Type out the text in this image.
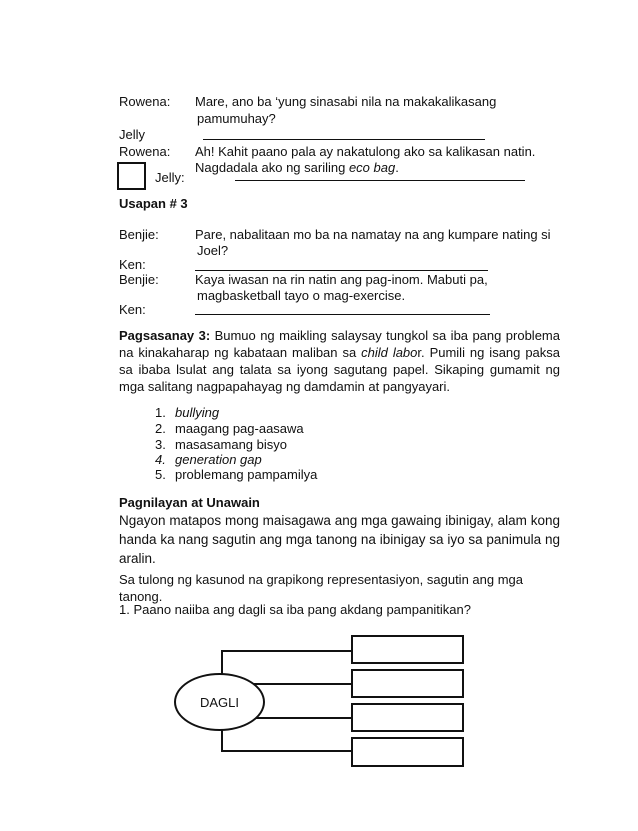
Rowena: Mare, ano ba ‘yung sinasabi nila na makakalikasang
pamumuhay?
Jelly
Rowena: Ah! Kahit paano pala ay nakatulong ako sa kalikasan natin.
Nagdadala ako ng sariling eco bag.
Jelly:
Usapan # 3
Benjie:	Pare, nabalitaan mo ba na namatay na ang kumpare nating si
Joel?
Ken:
Benjie:	Kaya iwasan na rin natin ang pag-inom. Mabuti pa,
magbasketball tayo o mag-exercise.
Ken:
Pagsasanay 3: Bumuo ng maikling salaysay tungkol sa iba pang problema na kinakaharap ng kabataan maliban sa child labor. Pumili ng isang paksa sa ibaba lsulat ang talata sa iyong sagutang papel. Sikaping gumamit ng mga salitang nagpapahayag ng damdamin at pangyayari.
1. bullying
2. maagang pag-aasawa
3. masasamang bisyo
4. generation gap
5. problemang pampamilya
Pagnilayan at Unawain
Ngayon matapos mong maisagawa ang mga gawaing ibinigay, alam kong handa ka nang sagutin ang mga tanong na ibinigay sa iyo sa panimula ng aralin.
Sa tulong ng kasunod na grapikong representasiyon, sagutin ang mga tanong.
1. Paano naiiba ang dagli sa iba pang akdang pampanitikan?
DAGLI
